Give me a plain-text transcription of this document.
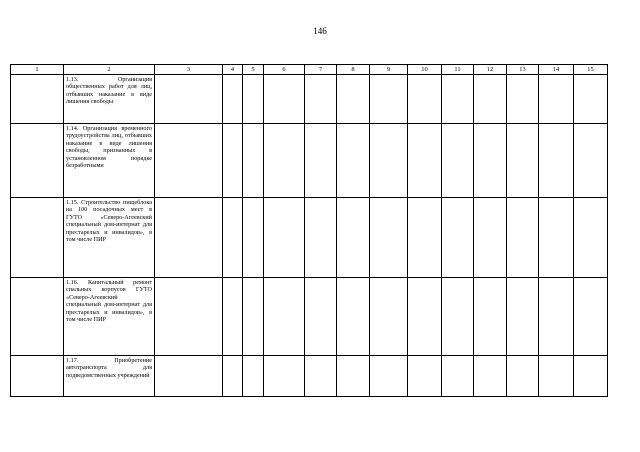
146
1	2	3	4	5	6	7	8	9	10	11	12	13	14	15
	1.13. Организация общественных работ для лиц, отбывших наказание в виде лишения свободы													
	1.14. Организация временного трудоустройства лиц, отбывших наказание в виде лишения свободы, признанных в установленном порядке безработными													
	1.15. Строительство пищеблока на 100 посадочных мест в ГУТО «Северо-Агеевский специальный дом-интернат для престарелых и инвалидов», в том числе ПИР													
	1.16. Капитальный ремонт спальных корпусов ГУТО «Северо-Агеевский специальный дом-интернат для престарелых и инвалидов», в том числе ПИР													
	1.17. Приобретение автотранспорта для подведомственных учреждений													
